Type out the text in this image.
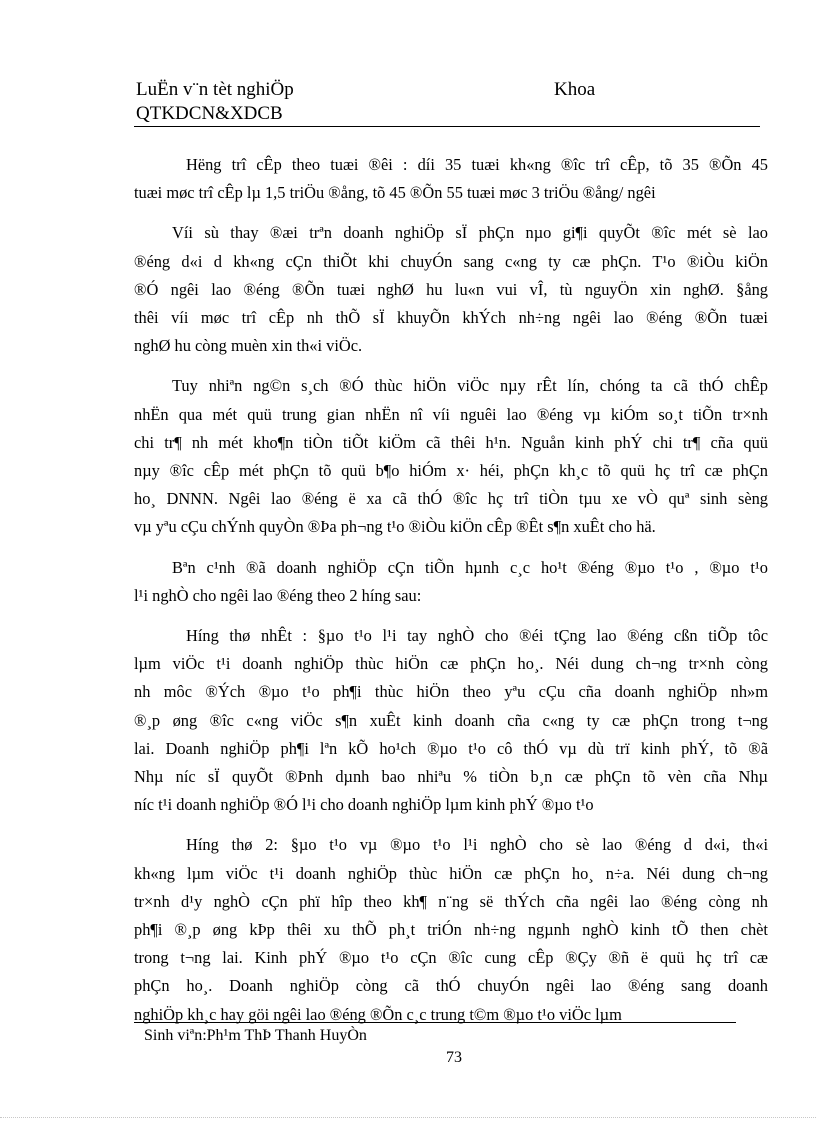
LuËn v¨n tèt nghiÖp
QTKDCN&XDCB
Khoa

Hëng trî cÊp theo tuæi ®êi : díi 35 tuæi kh«ng ®îc trî cÊp, tõ 35 ®Õn 45
tuæi møc trî cÊp lµ 1,5 triÖu ®ång, tõ 45 ®Õn 55 tuæi møc 3 triÖu ®ång/ ngêi

Víi sù thay ®æi trªn doanh nghiÖp sÏ phÇn nµo gi¶i quyÕt ®îc mét sè lao
®éng d«i d kh«ng cÇn thiÕt khi chuyÓn sang c«ng ty cæ phÇn. T¹o ®iÒu kiÖn
®Ó ngêi lao ®éng ®Õn tuæi nghØ hu lu«n vui vÎ, tù nguyÖn xin nghØ. §ång
thêi víi møc trî cÊp nh thÕ sÏ khuyÕn khÝch nh÷ng ngêi lao ®éng ®Õn tuæi
nghØ hu còng muèn xin th«i viÖc.

Tuy nhiªn ng©n s¸ch ®Ó thùc hiÖn viÖc nµy rÊt lín, chóng ta cã thÓ chÊp
nhËn qua mét quü trung gian nhËn nî víi nguêi lao ®éng vµ kiÓm so¸t tiÕn tr×nh
chi tr¶ nh mét kho¶n tiÒn tiÕt kiÖm cã thêi h¹n. Nguån kinh phÝ chi tr¶ cña quü
nµy ®îc cÊp mét phÇn tõ quü b¶o hiÓm x· héi, phÇn kh¸c tõ quü hç trî cæ phÇn
ho¸ DNNN. Ngêi lao ®éng ë xa cã thÓ ®îc hç trî tiÒn tµu xe vÒ quª sinh sèng
vµ yªu cÇu chÝnh quyÒn ®Þa ph¬ng t¹o ®iÒu kiÖn cÊp ®Êt s¶n xuÊt cho hä.

Bªn c¹nh ®ã doanh nghiÖp cÇn tiÕn hµnh c¸c ho¹t ®éng ®µo t¹o , ®µo t¹o
l¹i nghÒ cho ngêi lao ®éng theo 2 híng sau:

Híng thø nhÊt : §µo t¹o l¹i tay nghÒ cho ®éi tÇng lao ®éng cßn tiÕp tôc
lµm viÖc t¹i doanh nghiÖp thùc hiÖn cæ phÇn ho¸. Néi dung ch¬ng tr×nh còng
nh môc ®Ých ®µo t¹o ph¶i thùc hiÖn theo yªu cÇu cña doanh nghiÖp nh»m
®¸p øng ®îc c«ng viÖc s¶n xuÊt kinh doanh cña c«ng ty cæ phÇn trong t¬ng
lai. Doanh nghiÖp ph¶i lªn kÕ ho¹ch ®µo t¹o cô thÓ vµ dù trï kinh phÝ, tõ ®ã
Nhµ níc sÏ quyÕt ®Þnh dµnh bao nhiªu % tiÒn b¸n cæ phÇn tõ vèn cña Nhµ
níc t¹i doanh nghiÖp ®Ó l¹i cho doanh nghiÖp lµm kinh phÝ ®µo t¹o

Híng thø 2: §µo t¹o vµ ®µo t¹o l¹i nghÒ cho sè lao ®éng d d«i, th«i
kh«ng lµm viÖc t¹i doanh nghiÖp thùc hiÖn cæ phÇn ho¸ n÷a. Néi dung ch¬ng
tr×nh d¹y nghÒ cÇn phï hîp theo kh¶ n¨ng së thÝch cña ngêi lao ®éng còng nh
ph¶i ®¸p øng kÞp thêi xu thÕ ph¸t triÓn nh÷ng ngµnh nghÒ kinh tÕ then chèt
trong t¬ng lai. Kinh phÝ ®µo t¹o cÇn ®îc cung cÊp ®Çy ®ñ ë quü hç trî cæ
phÇn ho¸. Doanh nghiÖp còng cã thÓ chuyÓn ngêi lao ®éng sang doanh
nghiÖp kh¸c hay göi ngêi lao ®éng ®Õn c¸c trung t©m ®µo t¹o viÖc lµm

Sinh viªn:Ph¹m ThÞ Thanh HuyÒn
73
